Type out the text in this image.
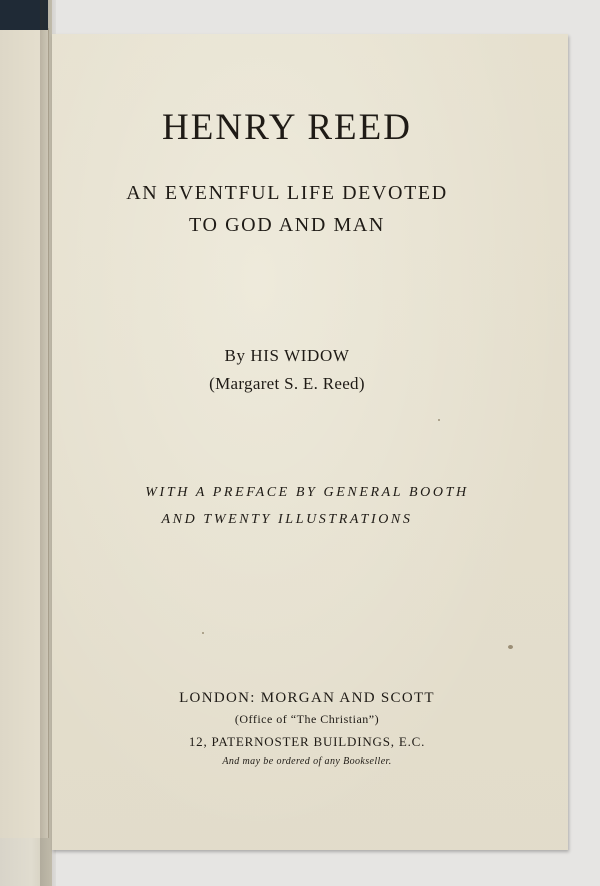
HENRY REED
AN EVENTFUL LIFE DEVOTED
TO GOD AND MAN
By HIS WIDOW
(Margaret S. E. Reed)
WITH A PREFACE BY GENERAL BOOTH
AND TWENTY ILLUSTRATIONS
LONDON: MORGAN AND SCOTT
(Office of “The Christian”)
12, PATERNOSTER BUILDINGS, E.C.
And may be ordered of any Bookseller.
